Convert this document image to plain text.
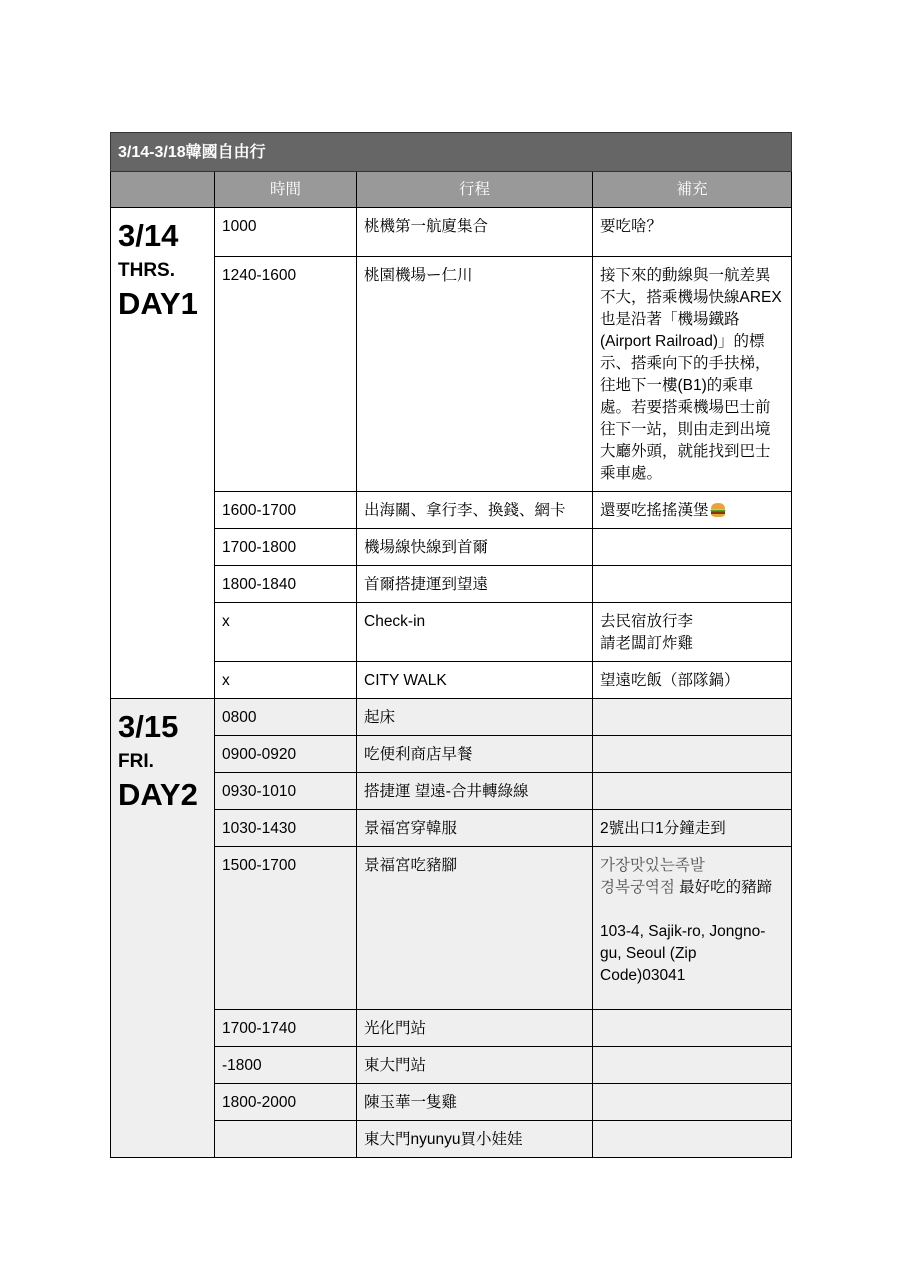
3/14-3/18韓國自由行			
	時間	行程	補充

3/14
THRS.
DAY1	1000	桃機第一航廈集合	要吃啥？
	1240-1600	桃園機場ー仁川	接下來的動線與一航差異不大，搭乘機場快線AREX也是沿著「機場鐵路(Airport Railroad)」的標示、搭乘向下的手扶梯，往地下一樓(B1)的乘車處。若要搭乘機場巴士前往下一站，則由走到出境大廳外頭，就能找到巴士乘車處。
	1600-1700	出海關、拿行李、換錢、網卡	還要吃搖搖漢堡
	1700-1800	機場線快線到首爾	
	1800-1840	首爾搭捷運到望遠	
	x	Check-in	去民宿放行李
請老闆訂炸雞
	x	CITY WALK	望遠吃飯（部隊鍋）

3/15
FRI.
DAY2	0800	起床	
	0900-0920	吃便利商店早餐	
	0930-1010	搭捷運 望遠-合井轉綠線	
	1030-1430	景福宮穿韓服	2號出口1分鐘走到
	1500-1700	景福宮吃豬腳	가장맛있는족발
경복궁역점 最好吃的豬蹄

103-4, Sajik-ro, Jongno-gu, Seoul (Zip Code)03041
	1700-1740	光化門站	
	-1800	東大門站	
	1800-2000	陳玉華一隻雞	
		東大門nyunyu買小娃娃	
